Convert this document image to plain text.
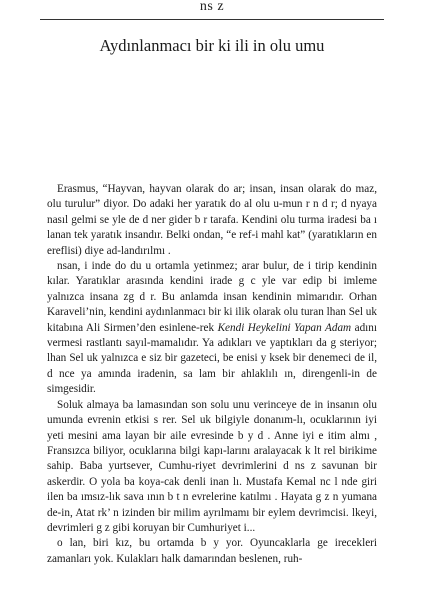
ns z
Aydınlanmacı bir ki ili in olu umu

Erasmus, “Hayvan, hayvan olarak do ar; insan, insan olarak do maz, olu turulur” diyor. Do adaki her yaratık do al olu u-mun r n d r; d nyaya nasıl gelmi se yle de d ner gider b r tarafa. Kendini olu turma iradesi ba ı lanan tek yaratık insandır. Belki ondan, “e ref-i mahl kat” (yaratıkların en ereflisi) diye ad-landırılmı .

nsan, i inde do du u ortamla yetinmez; arar bulur, de i tirip kendinin kılar. Yaratıklar arasında kendini irade g c yle var edip bi imleme yalnızca insana zg d r. Bu anlamda insan kendinin mimarıdır. Orhan Karaveli’nin, kendini aydınlanmacı bir ki ilik olarak olu turan lhan Sel uk kitabına Ali Sirmen’den esinlene-rek Kendi Heykelini Yapan Adam adını vermesi rastlantı sayıl-mamalıdır. Ya adıkları ve yaptıkları da g steriyor; lhan Sel uk yalnızca e siz bir gazeteci, be enisi y ksek bir denemeci de il, d nce ya amında iradenin, sa lam bir ahlaklılı ın, direngenli-in de simgesidir.

Soluk almaya ba lamasından son solu unu verinceye de in insanın olu umunda evrenin etkisi s rer. Sel uk bilgiyle donanım-lı, ocuklarının iyi yeti mesini ama layan bir aile evresinde b y d . Anne iyi e itim almı , Fransızca biliyor, ocuklarına bilgi kapı-larını aralayacak k lt rel birikime sahip. Baba yurtsever, Cumhu-riyet devrimlerini d ns z savunan bir askerdir. O yola ba koya-cak denli inan lı. Mustafa Kemal nc l nde giri ilen ba ımsız-lık sava ının b t n evrelerine katılmı . Hayata g z n yumana de-in, Atat rk’ n izinden bir milim ayrılmamı bir eylem devrimcisi. lkeyi, devrimleri g z gibi koruyan bir Cumhuriyet i...

o lan, biri kız, bu ortamda b y yor. Oyuncaklarla ge irecekleri zamanları yok. Kulakları halk damarından beslenen, ruh-
